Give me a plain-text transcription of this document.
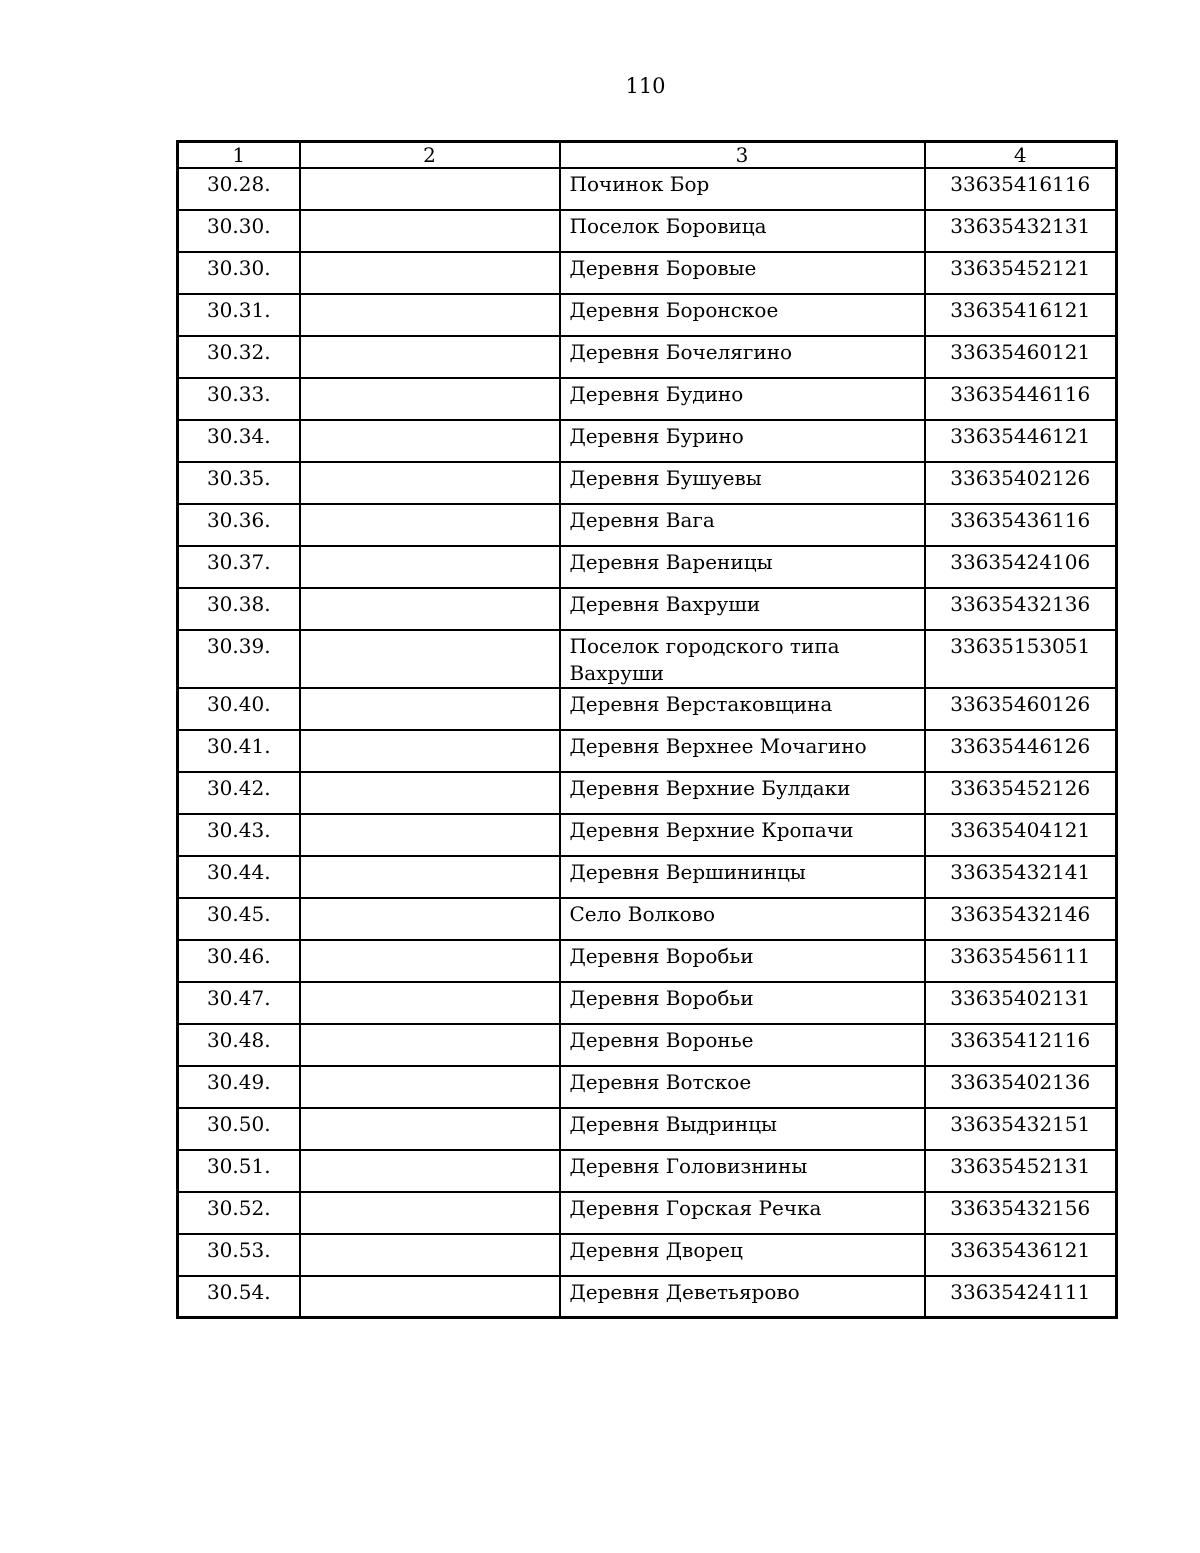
110
1	2	3	4
30.28.		Починок Бор	33635416116
30.30.		Поселок Боровица	33635432131
30.30.		Деревня Боровые	33635452121
30.31.		Деревня Боронское	33635416121
30.32.		Деревня Бочелягино	33635460121
30.33.		Деревня Будино	33635446116
30.34.		Деревня Бурино	33635446121
30.35.		Деревня Бушуевы	33635402126
30.36.		Деревня Вага	33635436116
30.37.		Деревня Вареницы	33635424106
30.38.		Деревня Вахруши	33635432136
30.39.		Поселок городского типа Вахруши	33635153051
30.40.		Деревня Верстаковщина	33635460126
30.41.		Деревня Верхнее Мочагино	33635446126
30.42.		Деревня Верхние Булдаки	33635452126
30.43.		Деревня Верхние Кропачи	33635404121
30.44.		Деревня Вершининцы	33635432141
30.45.		Село Волково	33635432146
30.46.		Деревня Воробьи	33635456111
30.47.		Деревня Воробьи	33635402131
30.48.		Деревня Воронье	33635412116
30.49.		Деревня Вотское	33635402136
30.50.		Деревня Выдринцы	33635432151
30.51.		Деревня Головизнины	33635452131
30.52.		Деревня Горская Речка	33635432156
30.53.		Деревня Дворец	33635436121
30.54.		Деревня Деветьярово	33635424111
